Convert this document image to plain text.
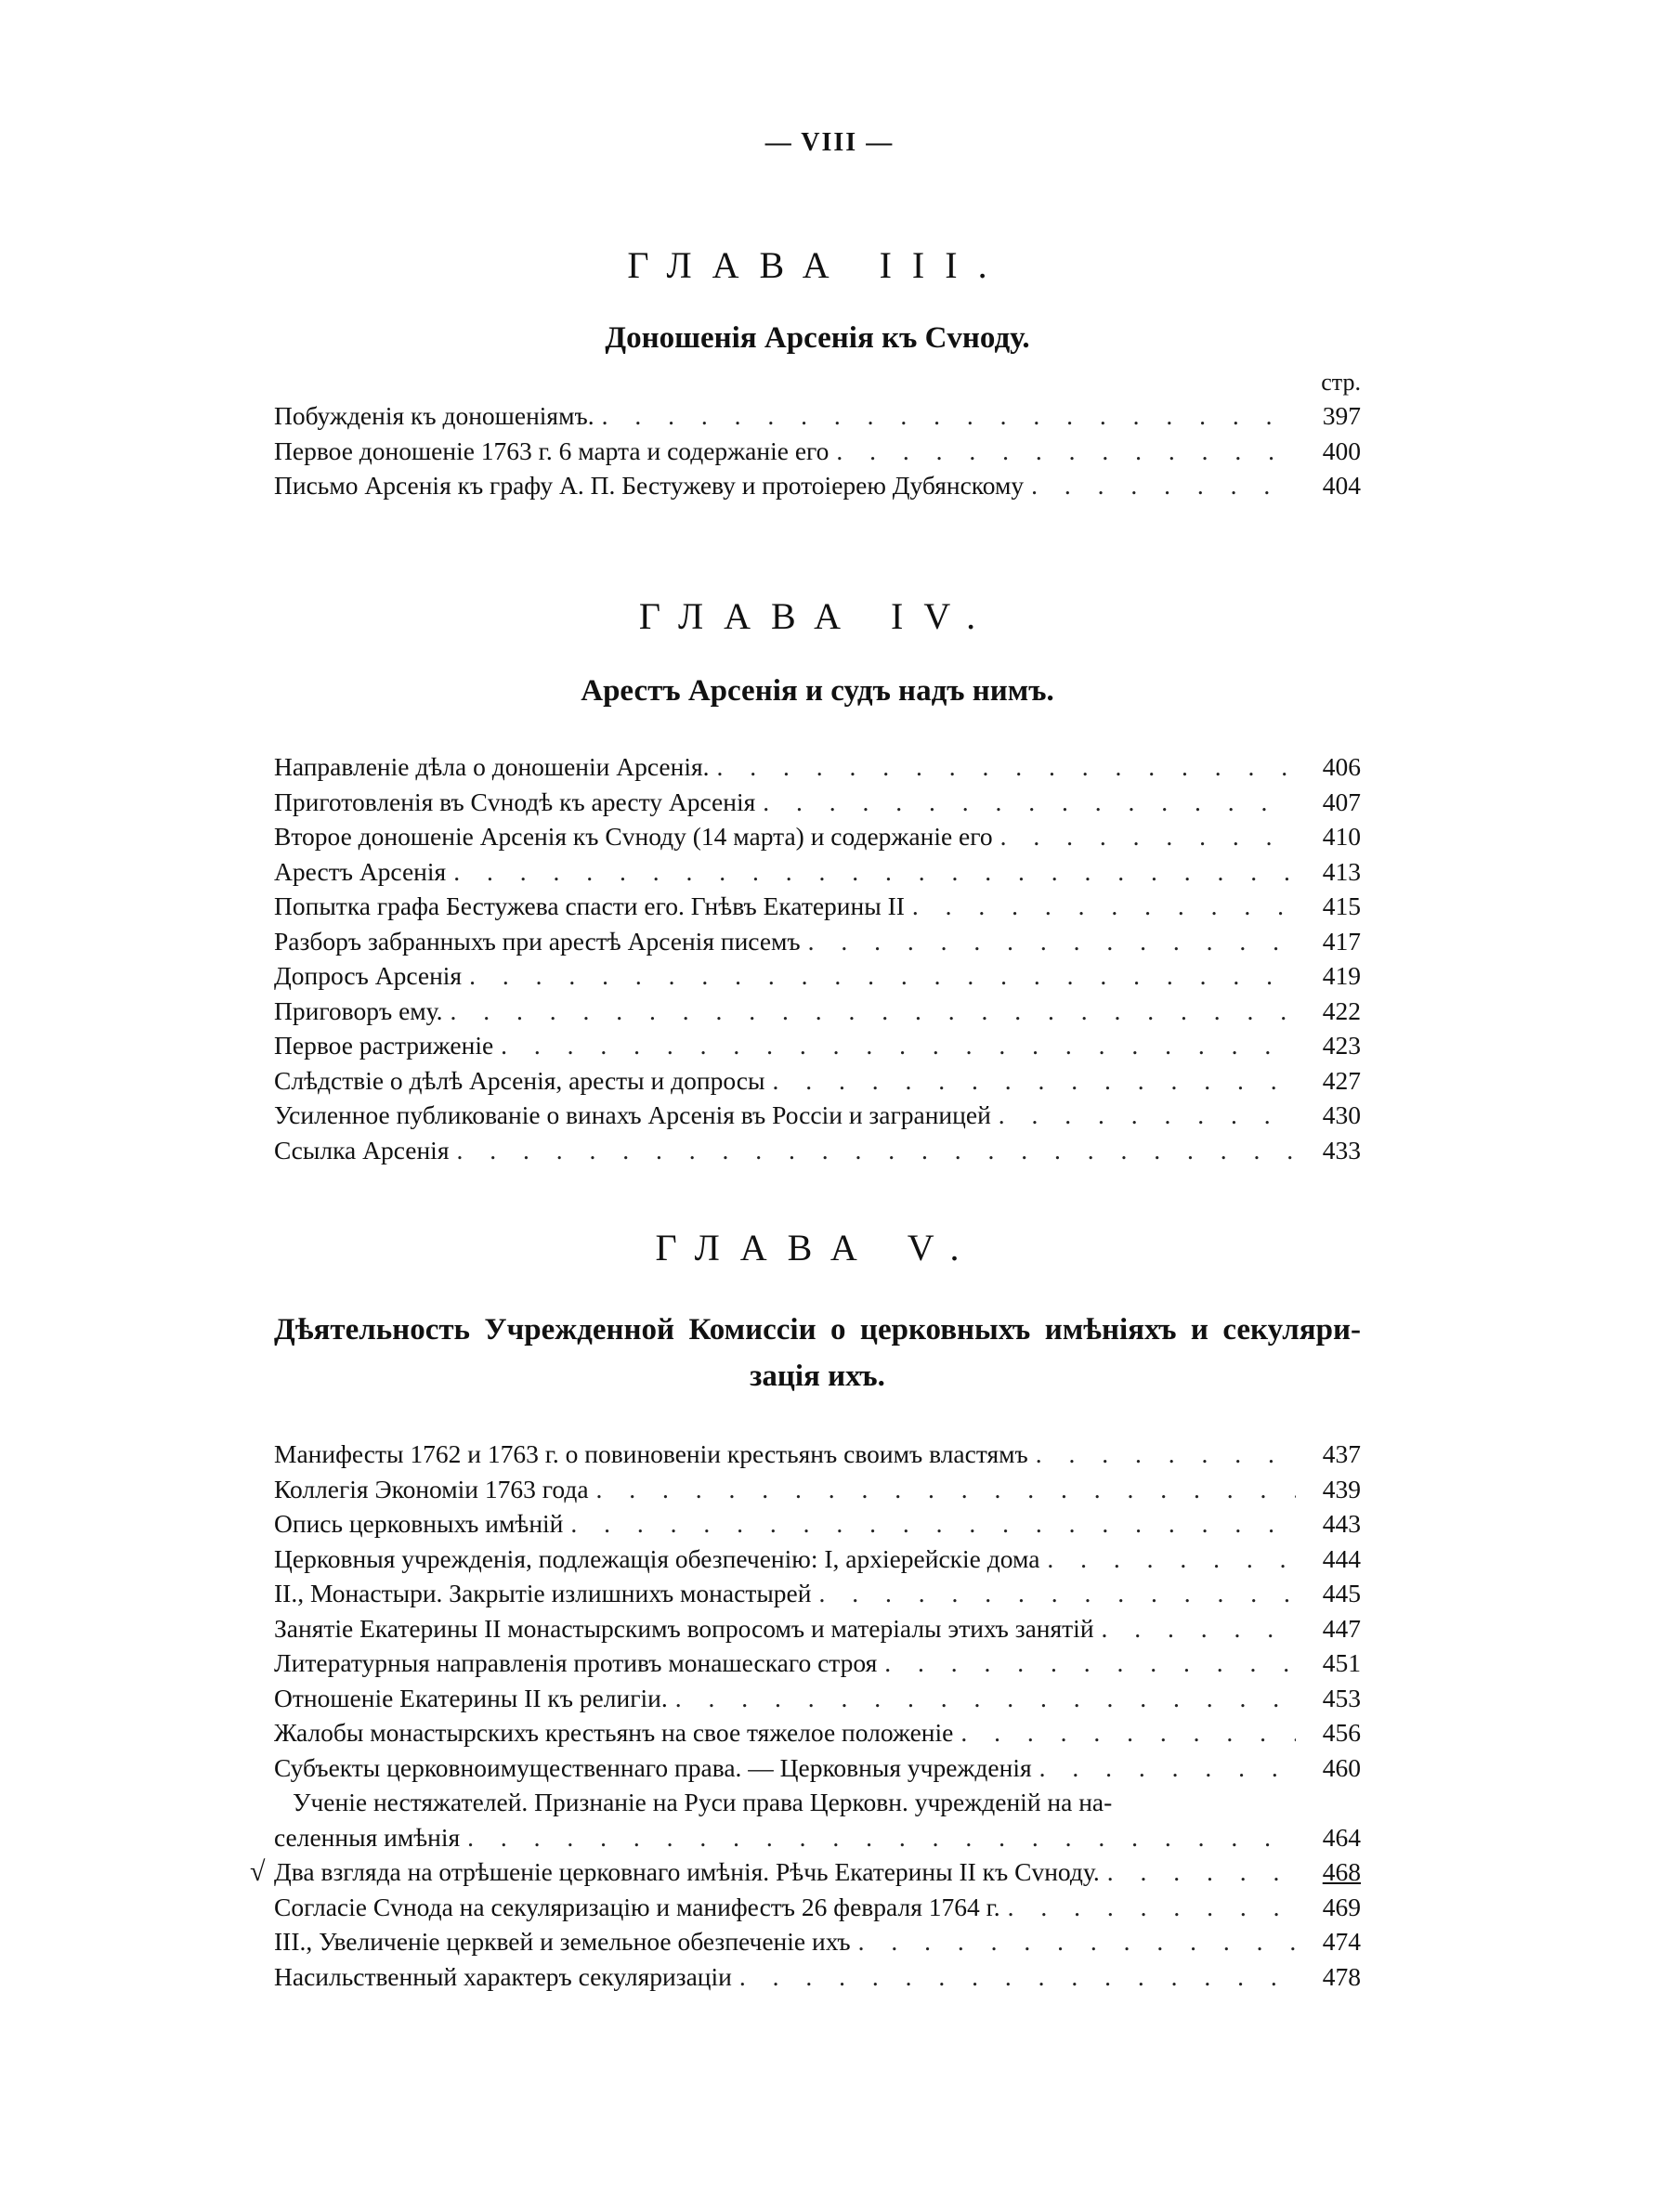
— VIII —
ГЛАВА III.
Доношенія Арсенія къ Сvноду.

стр.

Побужденія къ доношеніямъ. . . .	397
Первое доношеніе 1763 г. 6 марта и содержаніе его . . .	400
Письмо Арсенія къ графу А. П. Бестужеву и протоіерею Дубянскому . . .	404
ГЛАВА IV.
Арестъ Арсенія и судъ надъ нимъ.
Направленіе дѣла о доношеніи Арсенія. . . .	406
Приготовленія въ Сvнодѣ къ аресту Арсенія . . .	407
Второе доношеніе Арсенія къ Сvноду (14 марта) и содержаніе его . . .	410
Арестъ Арсенія . . .	413
Попытка графа Бестужева спасти его. Гнѣвъ Екатерины II . . .	415
Разборъ забранныхъ при арестѣ Арсенія писемъ . . .	417
Допросъ Арсенія . . .	419
Приговоръ ему. . . .	422
Первое растриженіе . . .	423
Слѣдствіе о дѣлѣ Арсенія, аресты и допросы . . .	427
Усиленное публикованіе о винахъ Арсенія въ Россіи и заграницей . . .	430
Ссылка Арсенія . . .	433
ГЛАВА V.
Дѣятельность Учрежденной Комиссіи о церковныхъ имѣніяхъ и секуляри-
зація ихъ.
Манифесты 1762 и 1763 г. о повиновеніи крестьянъ своимъ властямъ . . .	437
Коллегія Экономіи 1763 года . . .	439
Опись церковныхъ имѣній . . .	443
Церковныя учрежденія, подлежащія обезпеченію: I, архіерейскіе дома . . .	444
II., Монастыри. Закрытіе излишнихъ монастырей . . .	445
Занятіе Екатерины II монастырскимъ вопросомъ и матеріалы этихъ занятій . . .	447
Литературныя направленія противъ монашескаго строя . . .	451
Отношеніе Екатерины II къ религіи. . . .	453
Жалобы монастырскихъ крестьянъ на свое тяжелое положеніе . . .	456
Субъекты церковноимущественнаго права. — Церковныя учрежденія . . .	460
Ученіе нестяжателей. Признаніе на Руси права Церковн. учрежденій на на-
селенныя имѣнія . . .	464
√ Два взгляда на отрѣшеніе церковнаго имѣнія. Рѣчь Екатерины II къ Сvноду. . . .	468
Согласіе Сvнода на секуляризацію и манифестъ 26 февраля 1764 г. . . .	469
III., Увеличеніе церквей и земельное обезпеченіе ихъ . . .	474
Насильственный характеръ секуляризаціи . . .	478
